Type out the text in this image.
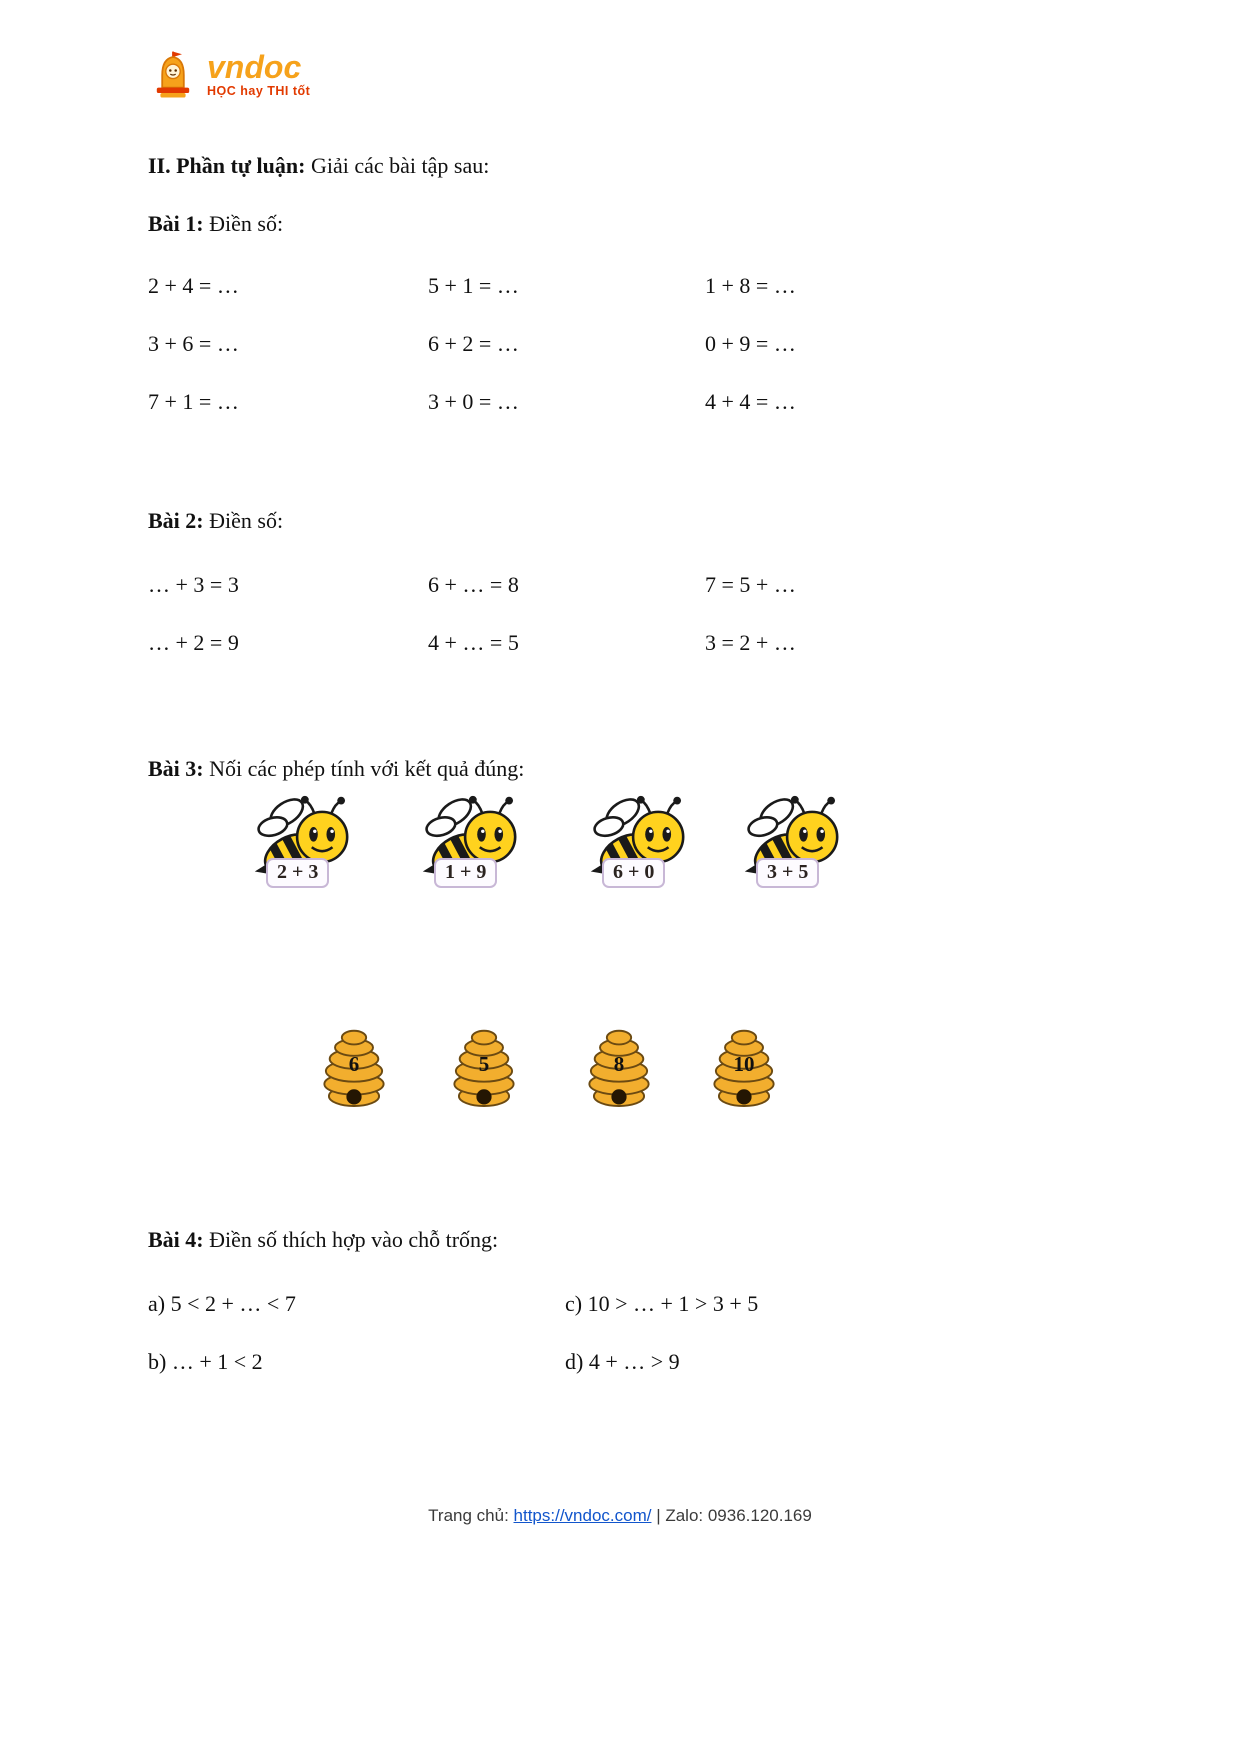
vndoc
HỌC hay THI tốt

II. Phần tự luận: Giải các bài tập sau:

Bài 1: Điền số:

2 + 4 = …	5 + 1 = …	1 + 8 = …
3 + 6 = …	6 + 2 = …	0 + 9 = …
7 + 1 = …	3 + 0 = …	4 + 4 = …

Bài 2: Điền số:

… + 3 = 3	6 + … = 8	7 = 5 + …
… + 2 = 9	4 + … = 5	3 = 2 + …

Bài 3: Nối các phép tính với kết quả đúng:

2 + 3	1 + 9	6 + 0	3 + 5
6	5	8	10

Bài 4: Điền số thích hợp vào chỗ trống:

a) 5 < 2 + … < 7	c) 10 > … + 1 > 3 + 5
b) … + 1 < 2	d) 4 + … > 9
Trang chủ: https://vndoc.com/ | Zalo: 0936.120.169
